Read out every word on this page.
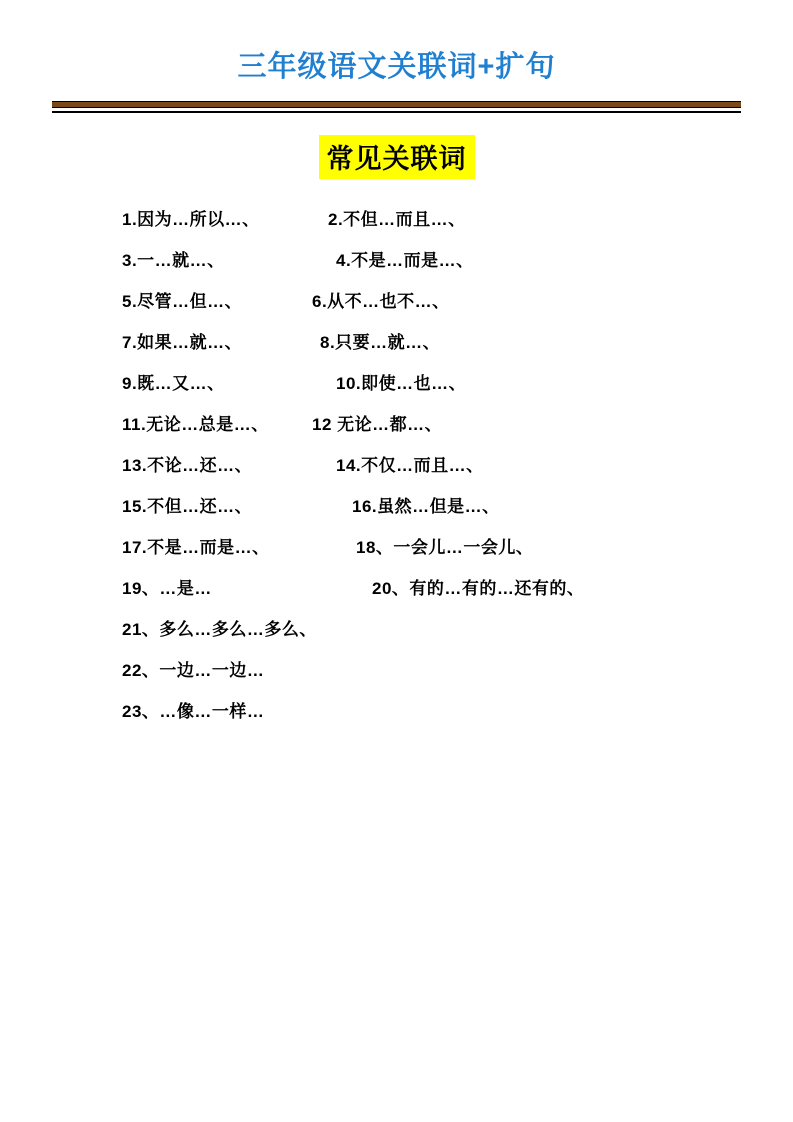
三年级语文关联词+扩句
常见关联词
1.因为…所以…、	2.不但…而且…、
3.一…就…、	4.不是…而是…、
5.尽管…但…、	6.从不…也不…、
7.如果…就…、	8.只要…就…、
9.既…又…、	10.即使…也…、
11.无论…总是…、	12 无论…都…、
13.不论…还…、	14.不仅…而且…、
15.不但…还…、	16.虽然…但是…、
17.不是…而是…、	18、一会儿…一会儿、
19、…是…	20、有的…有的…还有的、
21、多么…多么…多么、
22、一边…一边…
23、…像…一样…
